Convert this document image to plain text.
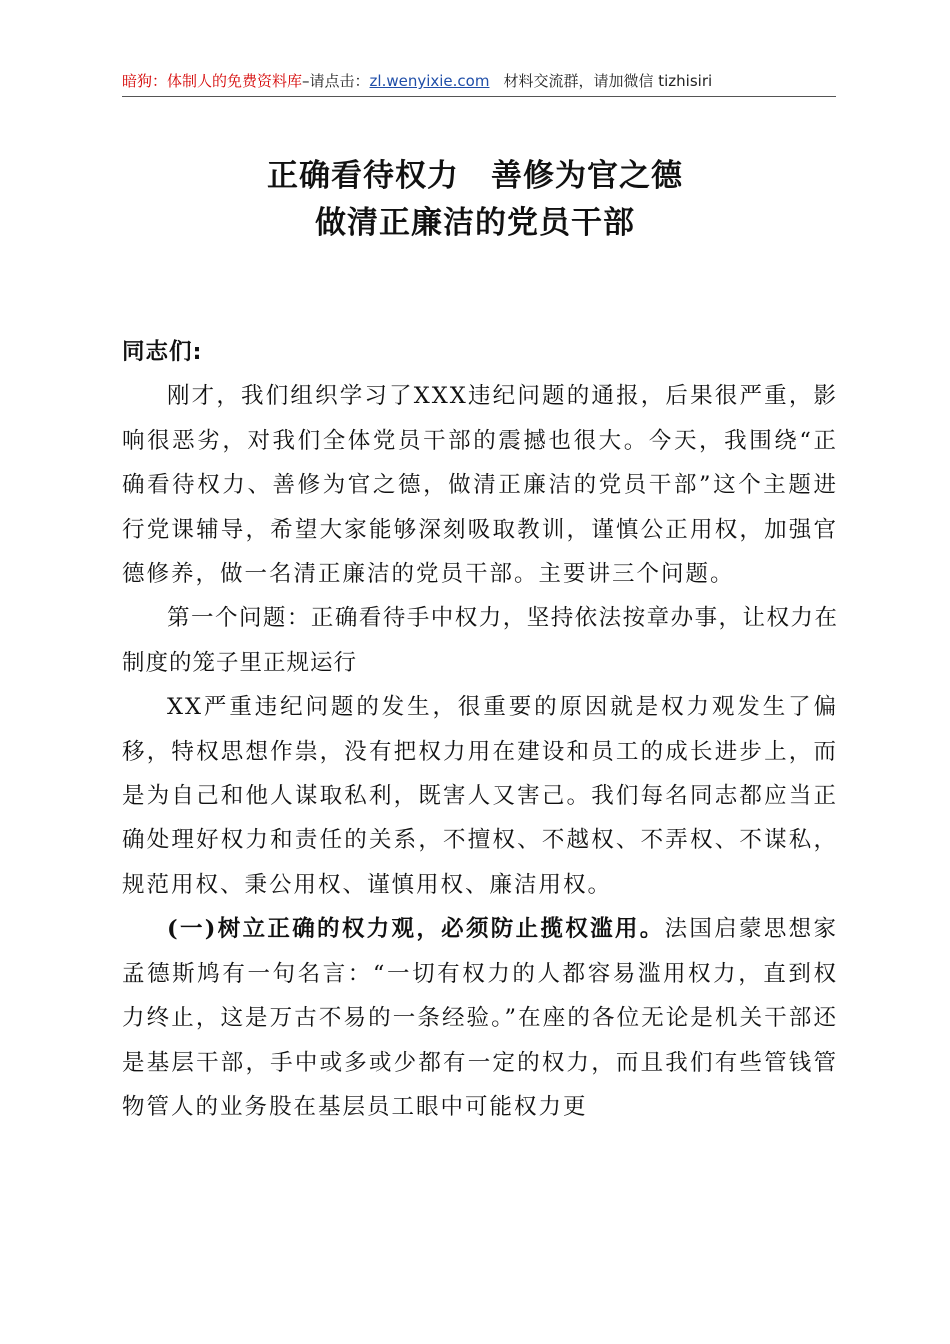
暗狗：体制人的免费资料库–请点击：zl.wenyixie.com 材料交流群，请加微信 tizhisiri
正确看待权力　善修为官之德
做清正廉洁的党员干部

同志们:

刚才，我们组织学习了XXX违纪问题的通报，后果很严重，影响很恶劣，对我们全体党员干部的震撼也很大。今天，我围绕“正确看待权力、善修为官之德，做清正廉洁的党员干部”这个主题进行党课辅导，希望大家能够深刻吸取教训，谨慎公正用权，加强官德修养，做一名清正廉洁的党员干部。主要讲三个问题。

第一个问题：正确看待手中权力，坚持依法按章办事，让权力在制度的笼子里正规运行

XX严重违纪问题的发生，很重要的原因就是权力观发生了偏移，特权思想作祟，没有把权力用在建设和员工的成长进步上，而是为自己和他人谋取私利，既害人又害己。我们每名同志都应当正确处理好权力和责任的关系，不擅权、不越权、不弄权、不谋私，规范用权、秉公用权、谨慎用权、廉洁用权。

(一)树立正确的权力观，必须防止揽权滥用。法国启蒙思想家孟德斯鸠有一句名言：“一切有权力的人都容易滥用权力，直到权力终止，这是万古不易的一条经验。”在座的各位无论是机关干部还是基层干部，手中或多或少都有一定的权力，而且我们有些管钱管物管人的业务股在基层员工眼中可能权力更
